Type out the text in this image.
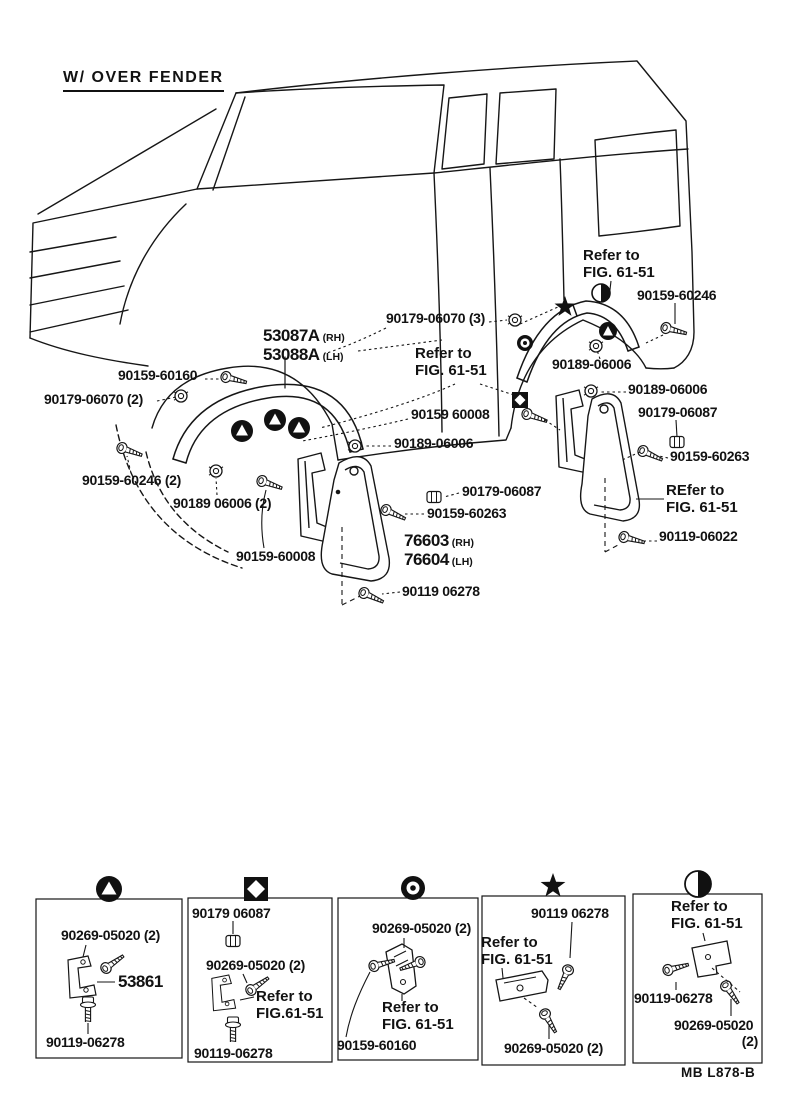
W/ OVER FENDER
53087A (RH)
53088A (LH)
90179-06070 (3)
Refer to
FIG. 61-51
Refer to
FIG. 61-51
90159-60246
90189-06006
90189-06006
90179-06087
90159-60263
REfer to
FIG. 61-51
90119-06022
90159-60160
90179-06070 (2)
90159-60246 (2)
90189 06006 (2)
90159-60008
90159 60008
90189-06006
90179-06087
90159-60263
76603 (RH)
76604 (LH)
90119 06278
90269-05020 (2)
53861
90119-06278
90179 06087
90269-05020 (2)
Refer to
FIG.61-51
90119-06278
90269-05020 (2)
Refer to
FIG. 61-51
90159-60160
90119 06278
Refer to
FIG. 61-51
90269-05020 (2)
Refer to
FIG. 61-51
90119-06278
90269-05020
(2)
MB L878-B
